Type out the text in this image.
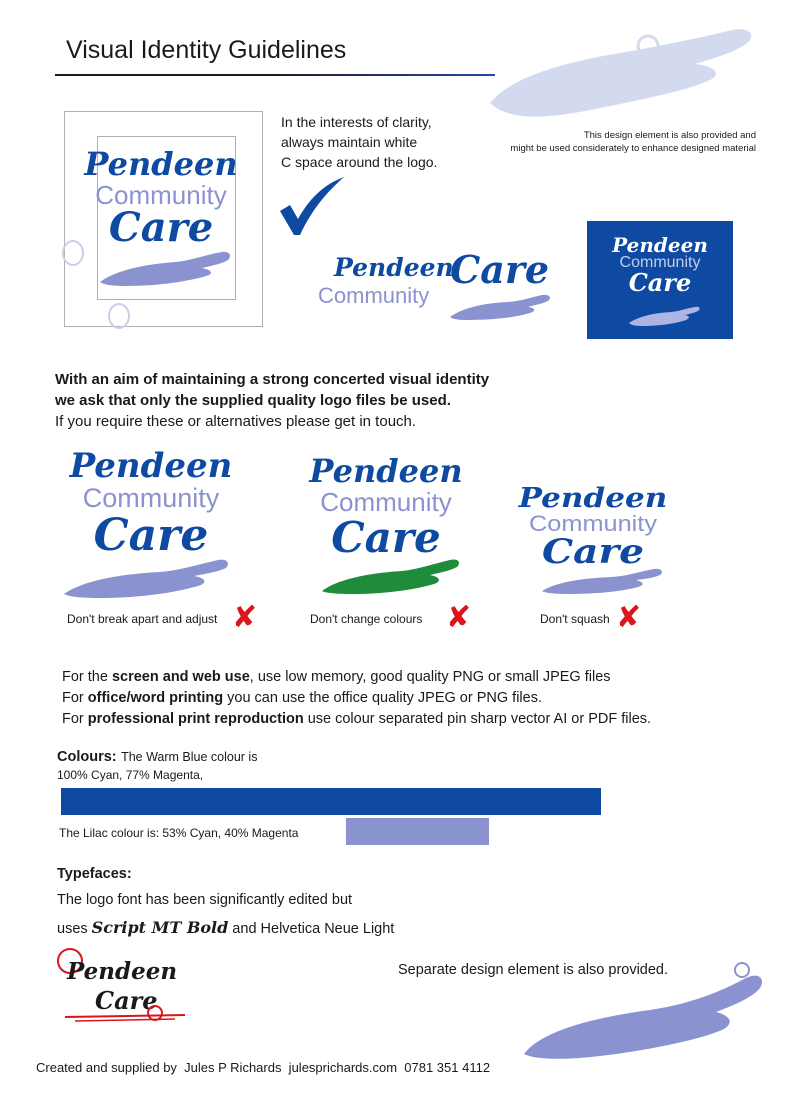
Visual Identity Guidelines
Pendeen
Community
Care
In the interests of clarity,
always maintain white
C space around the logo.
This design element is also provided and
might be used considerately to enhance designed material
Pendeen
Community
Care
Pendeen
Community
Care
With an aim of maintaining a strong concerted visual identity
we ask that only the supplied quality logo files be used.
If you require these or alternatives please get in touch.
Pendeen
Community
Care
Don't break apart and adjust ✘
Pendeen
Community
Care
Don't change colours ✘
Pendeen
Community
Care
Don't squash ✘
For the screen and web use, use low memory, good quality PNG or small JPEG files
For office/word printing you can use the office quality JPEG or PNG files.
For professional print reproduction use colour separated pin sharp vector AI or PDF files.
Colours: The Warm Blue colour is
100% Cyan, 77% Magenta,
The Lilac colour is: 53% Cyan, 40% Magenta
Typefaces:
The logo font has been significantly edited but
uses Script MT Bold and Helvetica Neue Light
Pendeen
Care
Separate design element is also provided.
Created and supplied by  Jules P Richards  julesprichards.com  0781 351 4112
